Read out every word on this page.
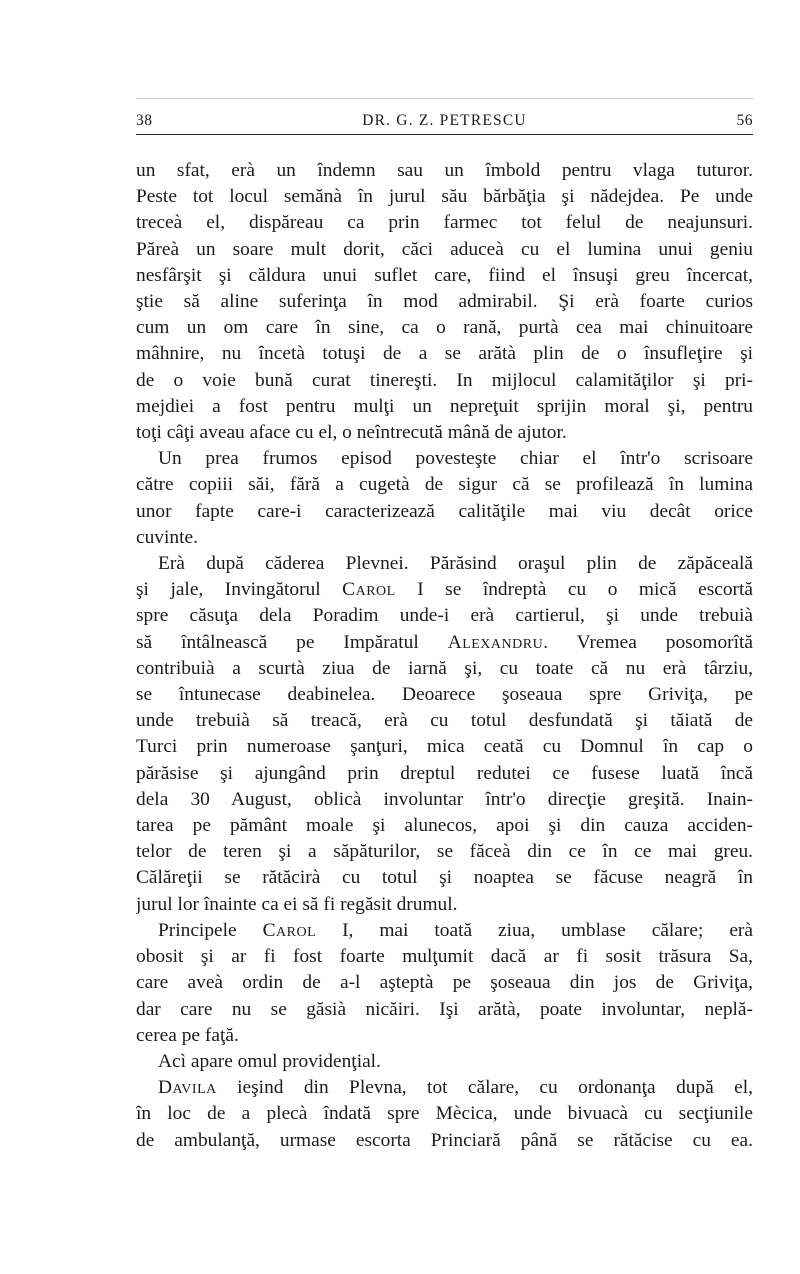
38	DR. G. Z. PETRESCU	56
un sfat, erà un îndemn sau un îmbold pentru vlaga tuturor.
Peste tot locul semănà în jurul său bărbăţia şi nădejdea. Pe unde
treceà el, dispăreau ca prin farmec tot felul de neajunsuri.
Păreà un soare mult dorit, căci aduceà cu el lumina unui geniu
nesfârşit şi căldura unui suflet care, fiind el însuşi greu încercat,
ştie să aline suferinţa în mod admirabil. Şi erà foarte curios
cum un om care în sine, ca o rană, purtà cea mai chinuitoare
mâhnire, nu încetà totuşi de a se arătà plin de o însufleţire şi
de o voie bună curat tinereşti. In mijlocul calamităţilor şi pri-
mejdiei a fost pentru mulţi un nepreţuit sprijin moral şi, pentru
toţi câţi aveau aface cu el, o neîntrecută mână de ajutor.
Un prea frumos episod povesteşte chiar el într'o scrisoare
către copiii săi, fără a cugetà de sigur că se profilează în lumina
unor fapte care-i caracterizează calităţile mai viu decât orice
cuvinte.
Erà după căderea Plevnei. Părăsind oraşul plin de zăpăceală
şi jale, Invingătorul Carol I se îndreptà cu o mică escortă
spre căsuţa dela Poradim unde-i erà cartierul, şi unde trebuià
să întâlnească pe Impăratul Alexandru. Vremea posomorîtă
contribuià a scurtà ziua de iarnă şi, cu toate că nu erà târziu,
se întunecase deabinelea. Deoarece şoseaua spre Griviţa, pe
unde trebuià să treacă, erà cu totul desfundată şi tăiată de
Turci prin numeroase şanţuri, mica ceată cu Domnul în cap o
părăsise şi ajungând prin dreptul redutei ce fusese luată încă
dela 30 August, oblicà involuntar într'o direcţie greşită. Inain-
tarea pe pământ moale şi alunecos, apoi şi din cauza acciden-
telor de teren şi a săpăturilor, se făceà din ce în ce mai greu.
Călăreţii se rătăcirà cu totul şi noaptea se făcuse neagră în
jurul lor înainte ca ei să fi regăsit drumul.
Principele Carol I, mai toată ziua, umblase călare; erà
obosit şi ar fi fost foarte mulţumit dacă ar fi sosit trăsura Sa,
care aveà ordin de a-l aşteptà pe şoseaua din jos de Griviţa,
dar care nu se găsià nicăiri. Işi arătà, poate involuntar, neplă-
cerea pe faţă.
Acì apare omul providenţial.
Davila ieşind din Plevna, tot călare, cu ordonanţa după el,
în loc de a plecà îndată spre Mècica, unde bivuacà cu secţiunile
de ambulanţă, urmase escorta Princiară până se rătăcise cu ea.
